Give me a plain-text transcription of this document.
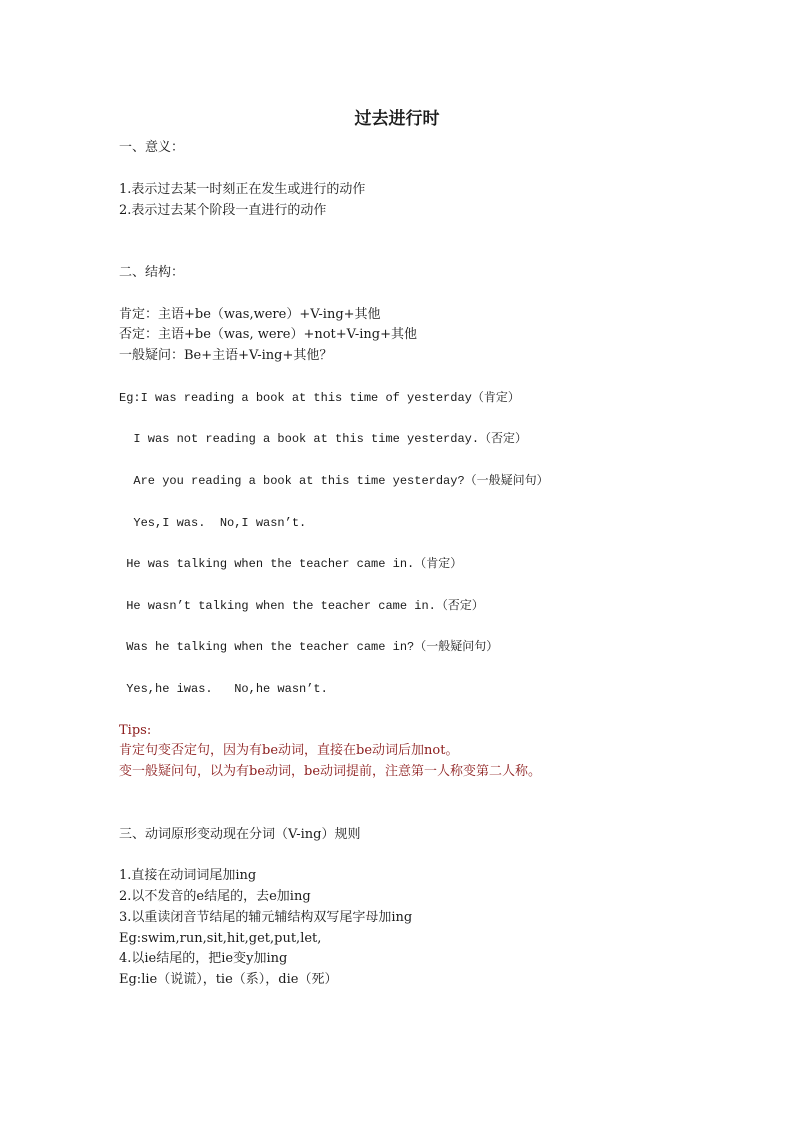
过去进行时

一、意义：

1.表示过去某一时刻正在发生或进行的动作

2.表示过去某个阶段一直进行的动作

二、结构：

肯定：主语+be（was,were）+V-ing+其他

否定：主语+be（was, were）+not+V-ing+其他

一般疑问：Be+主语+V-ing+其他？

Eg:I was reading a book at this time of yesterday（肯定）

I was not reading a book at this time yesterday.（否定）

Are you reading a book at this time yesterday?（一般疑问句）

Yes,I was.  No,I wasn’t.

He was talking when the teacher came in.（肯定）

He wasn’t talking when the teacher came in.（否定）

Was he talking when the teacher came in?（一般疑问句）

Yes,he iwas.   No,he wasn’t.

Tips:

肯定句变否定句，因为有be动词，直接在be动词后加not。

变一般疑问句，以为有be动词，be动词提前，注意第一人称变第二人称。

三、动词原形变动现在分词（V-ing）规则

1.直接在动词词尾加ing

2.以不发音的e结尾的，去e加ing

3.以重读闭音节结尾的辅元辅结构双写尾字母加ing

Eg:swim,run,sit,hit,get,put,let,

4.以ie结尾的，把ie变y加ing

Eg:lie（说谎），tie（系），die（死）
